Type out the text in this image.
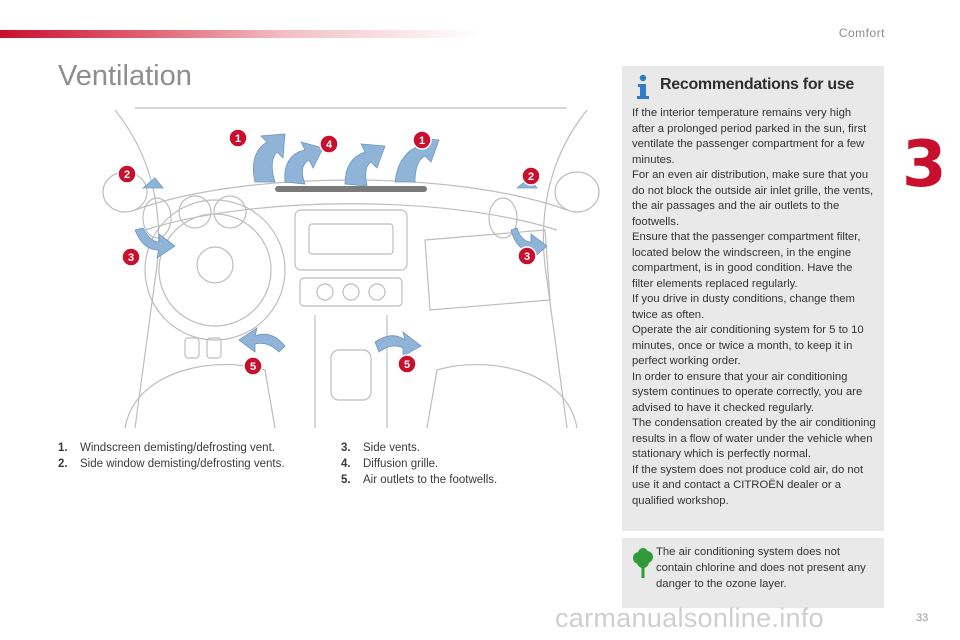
Comfort
3
Ventilation
1	1
2	2
3	3
4
5	5
1.	Windscreen demisting/defrosting vent.
2.	Side window demisting/defrosting vents.
3.	Side vents.
4.	Diffusion grille.
5.	Air outlets to the footwells.
Recommendations for use

If the interior temperature remains very high after a prolonged period parked in the sun, first ventilate the passenger compartment for a few minutes.

For an even air distribution, make sure that you do not block the outside air inlet grille, the vents, the air passages and the air outlets to the footwells.

Ensure that the passenger compartment filter, located below the windscreen, in the engine compartment, is in good condition. Have the filter elements replaced regularly.

If you drive in dusty conditions, change them twice as often.

Operate the air conditioning system for 5 to 10 minutes, once or twice a month, to keep it in perfect working order.

In order to ensure that your air conditioning system continues to operate correctly, you are advised to have it checked regularly.

The condensation created by the air conditioning results in a flow of water under the vehicle when stationary which is perfectly normal.

If the system does not produce cold air, do not use it and contact a CITROËN dealer or a qualified workshop.

The air conditioning system does not contain chlorine and does not present any danger to the ozone layer.
carmanualsonline.info	33
